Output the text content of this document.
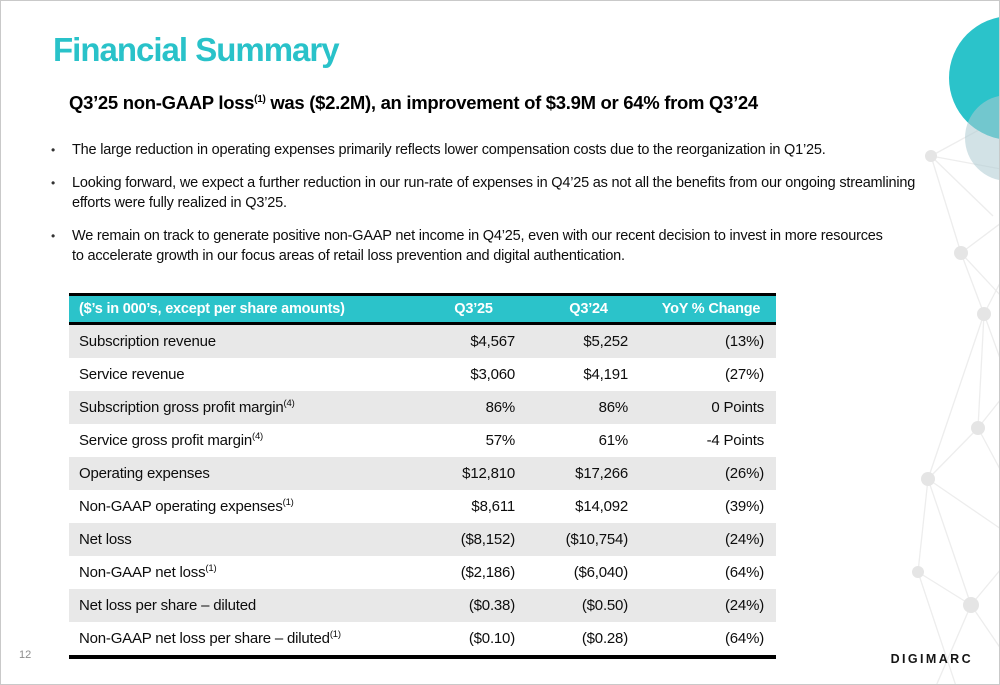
Financial Summary
Q3’25 non-GAAP loss$^{(1)}$ was ($2.2M), an improvement of $3.9M or 64% from Q3’24
•	The large reduction in operating expenses primarily reflects lower compensation costs due to the reorganization in Q1’25.
•	Looking forward, we expect a further reduction in our run-rate of expenses in Q4’25 as not all the benefits from our ongoing streamlining efforts were fully realized in Q3’25.
•	We remain on track to generate positive non-GAAP net income in Q4’25, even with our recent decision to invest in more resources to accelerate growth in our focus areas of retail loss prevention and digital authentication.
($’s in 000’s, except per share amounts)	Q3’25	Q3’24	YoY % Change
Subscription revenue	$4,567	$5,252	(13%)
Service revenue	$3,060	$4,191	(27%)
Subscription gross profit margin$^{(4)}$	86%	86%	0 Points
Service gross profit margin$^{(4)}$	57%	61%	-4 Points
Operating expenses	$12,810	$17,266	(26%)
Non-GAAP operating expenses$^{(1)}$	$8,611	$14,092	(39%)
Net loss	($8,152)	($10,754)	(24%)
Non-GAAP net loss$^{(1)}$	($2,186)	($6,040)	(64%)
Net loss per share – diluted	($0.38)	($0.50)	(24%)
Non-GAAP net loss per share – diluted$^{(1)}$	($0.10)	($0.28)	(64%)
12	DIGIMARC
